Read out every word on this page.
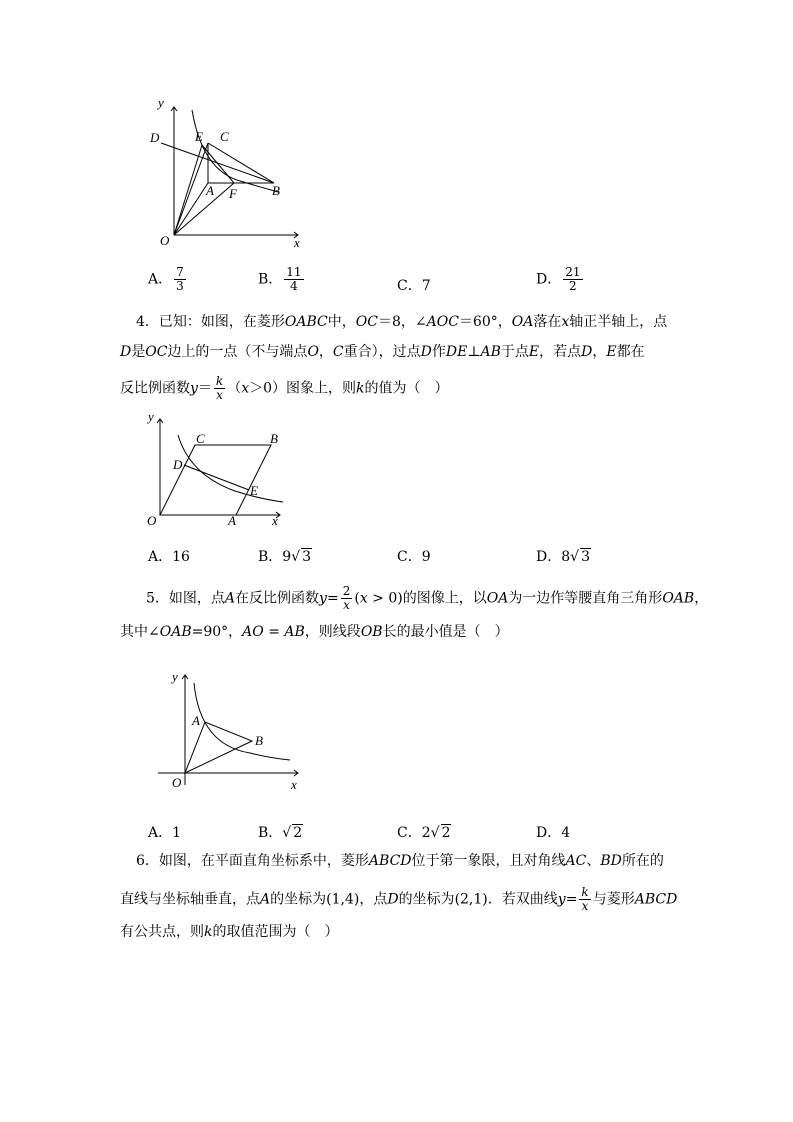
y
x
O
D	E C
A F	B
A． $\frac{7}{3}$	B． $\frac{11}{4}$	C．7	D． $\frac{21}{2}$
4．已知：如图，在菱形OABC中，OC＝8，∠AOC＝60°，OA落在x轴正半轴上，点
D是OC边上的一点（不与端点O，C重合），过点D作DE⊥AB于点E，若点D，E都在
反比例函数$y= \frac{k}{x} (x>0)$图象上，则k的值为（　）
y
x
O
C	B
D
E
A
A．16	B．9√ 3	C．9	D．8√ 3
5．如图，点A在反比例函数$y= \frac{2}{x} (x > 0)$的图像上，以OA为一边作等腰直角三角形OAB，
其中∠OAB=90°，AO = AB，则线段OB长的最小值是（　）
y
x
O
A
B
A．1	B．√ 2	C．2√ 2	D．4
6．如图，在平面直角坐标系中，菱形ABCD位于第一象限，且对角线AC、BD所在的
直线与坐标轴垂直，点A的坐标为(1,4)，点D的坐标为(2,1)．若双曲线$y= \frac{k}{x}$ 与菱形ABCD
有公共点，则k的取值范围为（　）
